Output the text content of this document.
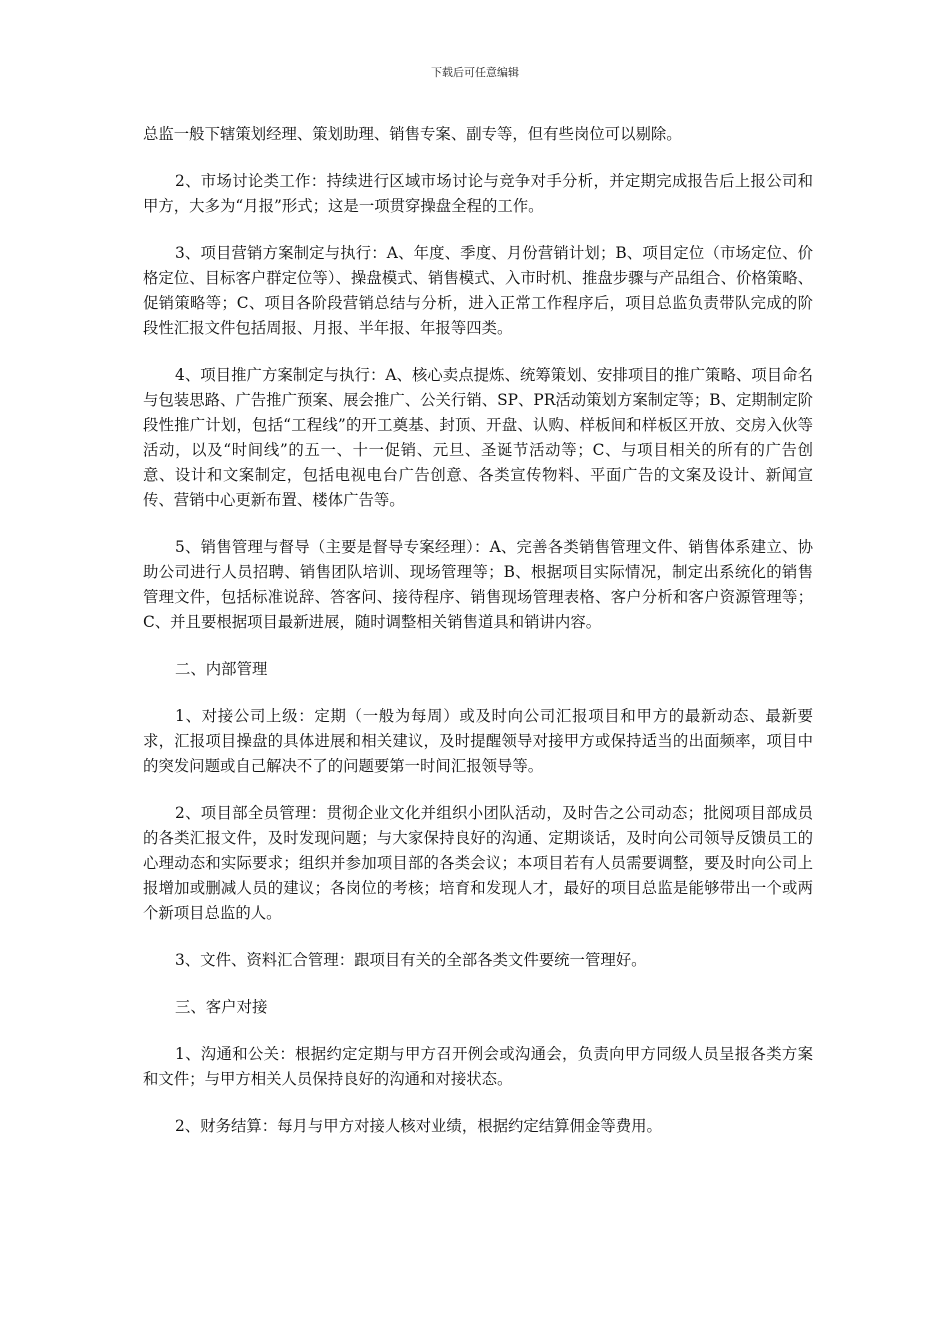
下载后可任意编辑

总监一般下辖策划经理、策划助理、销售专案、副专等，但有些岗位可以剔除。

2、市场讨论类工作：持续进行区域市场讨论与竞争对手分析，并定期完成报告后上报公司和甲方，大多为“月报”形式；这是一项贯穿操盘全程的工作。

3、项目营销方案制定与执行：A、年度、季度、月份营销计划；B、项目定位（市场定位、价格定位、目标客户群定位等）、操盘模式、销售模式、入市时机、推盘步骤与产品组合、价格策略、促销策略等；C、项目各阶段营销总结与分析，进入正常工作程序后，项目总监负责带队完成的阶段性汇报文件包括周报、月报、半年报、年报等四类。

4、项目推广方案制定与执行：A、核心卖点提炼、统筹策划、安排项目的推广策略、项目命名与包装思路、广告推广预案、展会推广、公关行销、SP、PR活动策划方案制定等；B、定期制定阶段性推广计划，包括“工程线”的开工奠基、封顶、开盘、认购、样板间和样板区开放、交房入伙等活动，以及“时间线”的五一、十一促销、元旦、圣诞节活动等；C、与项目相关的所有的广告创意、设计和文案制定，包括电视电台广告创意、各类宣传物料、平面广告的文案及设计、新闻宣传、营销中心更新布置、楼体广告等。

5、销售管理与督导（主要是督导专案经理）：A、完善各类销售管理文件、销售体系建立、协助公司进行人员招聘、销售团队培训、现场管理等；B、根据项目实际情况，制定出系统化的销售管理文件，包括标准说辞、答客问、接待程序、销售现场管理表格、客户分析和客户资源管理等；C、并且要根据项目最新进展，随时调整相关销售道具和销讲内容。

二、内部管理

1、对接公司上级：定期（一般为每周）或及时向公司汇报项目和甲方的最新动态、最新要求，汇报项目操盘的具体进展和相关建议，及时提醒领导对接甲方或保持适当的出面频率，项目中的突发问题或自己解决不了的问题要第一时间汇报领导等。

2、项目部全员管理：贯彻企业文化并组织小团队活动，及时告之公司动态；批阅项目部成员的各类汇报文件，及时发现问题；与大家保持良好的沟通、定期谈话，及时向公司领导反馈员工的心理动态和实际要求；组织并参加项目部的各类会议；本项目若有人员需要调整，要及时向公司上报增加或删减人员的建议；各岗位的考核；培育和发现人才，最好的项目总监是能够带出一个或两个新项目总监的人。

3、文件、资料汇合管理：跟项目有关的全部各类文件要统一管理好。

三、客户对接

1、沟通和公关：根据约定定期与甲方召开例会或沟通会，负责向甲方同级人员呈报各类方案和文件；与甲方相关人员保持良好的沟通和对接状态。

2、财务结算：每月与甲方对接人核对业绩，根据约定结算佣金等费用。
